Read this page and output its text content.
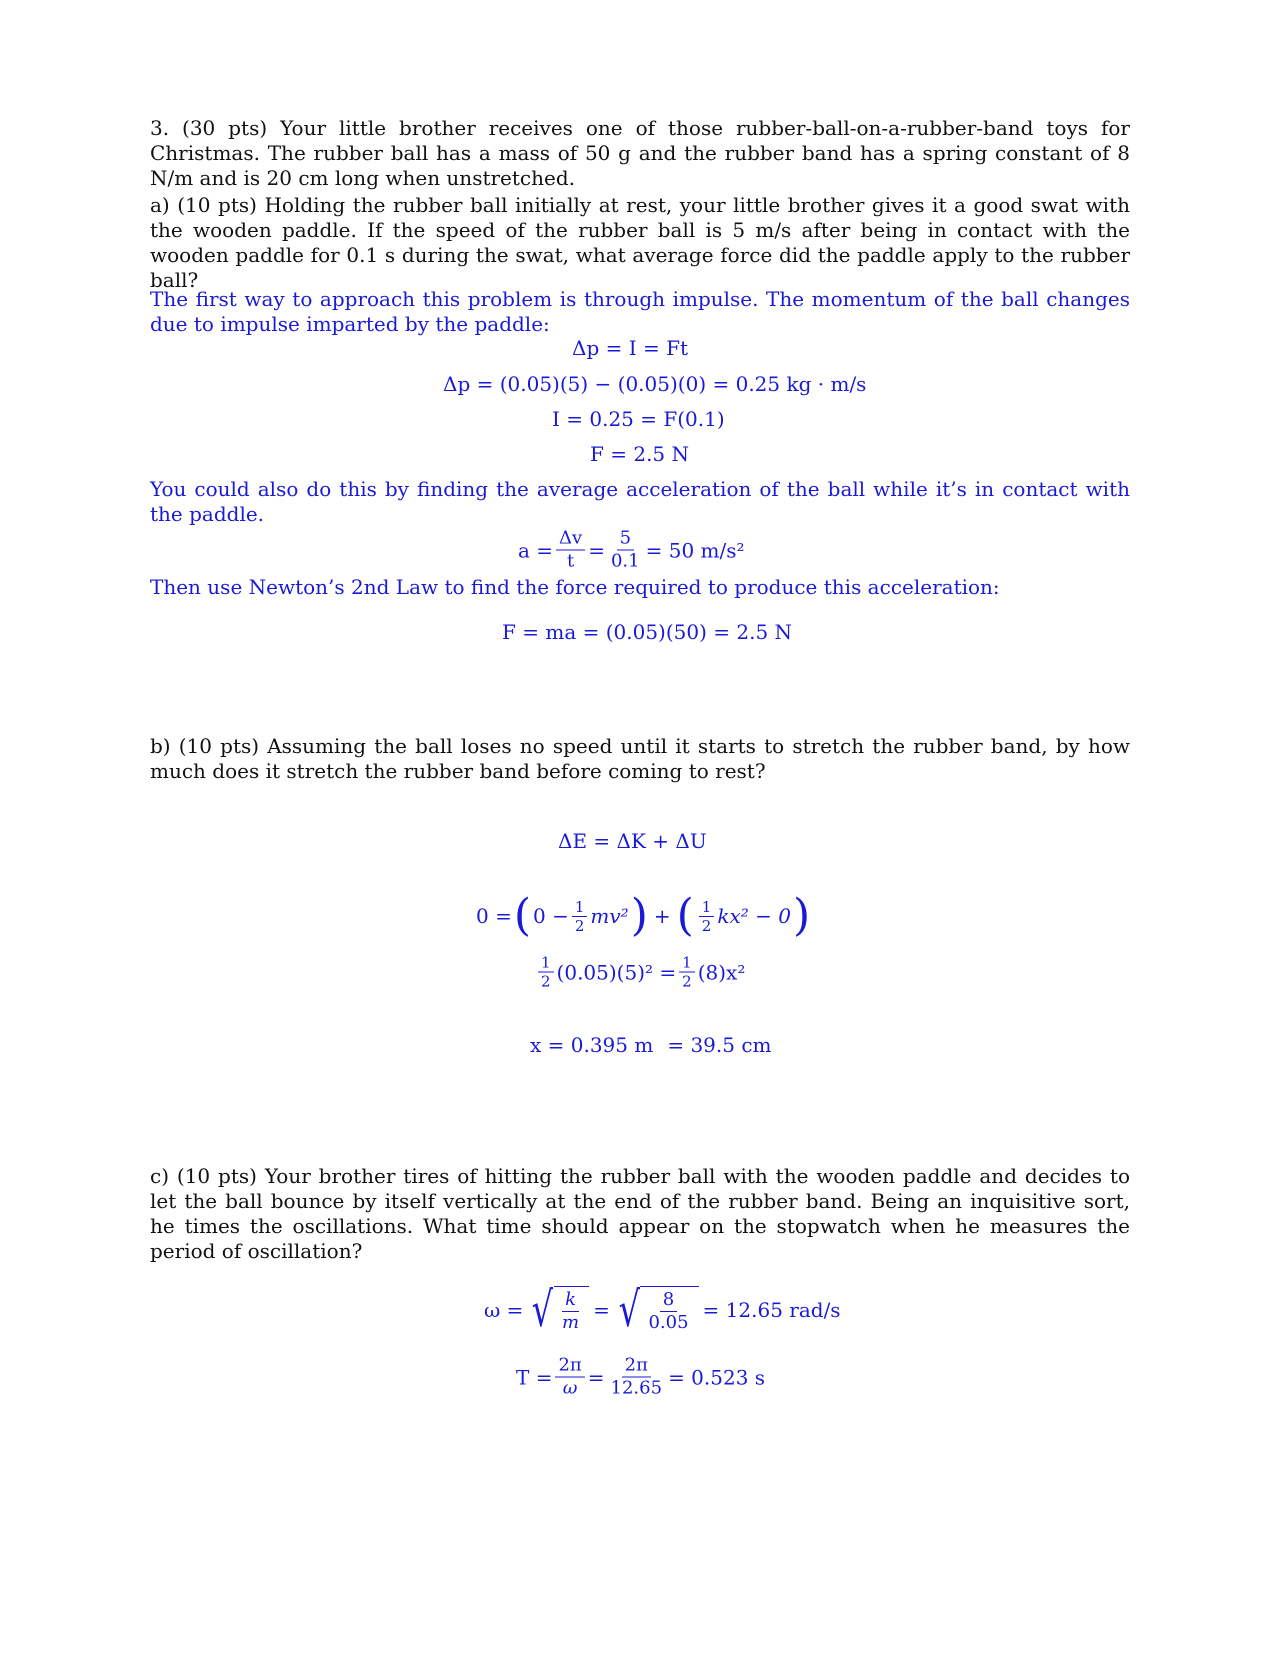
3. (30 pts) Your little brother receives one of those rubber-ball-on-a-rubber-band toys for Christmas. The rubber ball has a mass of 50 g and the rubber band has a spring constant of 8 N/m and is 20 cm long when unstretched.

a) (10 pts) Holding the rubber ball initially at rest, your little brother gives it a good swat with the wooden paddle. If the speed of the rubber ball is 5 m/s after being in contact with the wooden paddle for 0.1 s during the swat, what average force did the paddle apply to the rubber ball?

The first way to approach this problem is through impulse. The momentum of the ball changes due to impulse imparted by the paddle:

Δp = I = Ft
Δp = (0.05)(5) − (0.05)(0) = 0.25 kg · m/s
I = 0.25 = F(0.1)
F = 2.5 N

You could also do this by finding the average acceleration of the ball while it’s in contact with the paddle.

$a = \frac{\Delta v}{t} = \frac{5}{0.1} = 50$ m/s²

Then use Newton’s 2nd Law to find the force required to produce this acceleration:

F = ma = (0.05)(50) = 2.5 N

b) (10 pts) Assuming the ball loses no speed until it starts to stretch the rubber band, by how much does it stretch the rubber band before coming to rest?

ΔE = ΔK + ΔU
0 = ( $0 - \frac{1}{2} mv^2$ ) + ( $\frac{1}{2} kx^2 - 0$ )
$\frac{1}{2} (0.05)(5)^2 = \frac{1}{2} (8)x^2$
x = 0.395 m = 39.5 cm

c) (10 pts) Your brother tires of hitting the rubber ball with the wooden paddle and decides to let the ball bounce by itself vertically at the end of the rubber band. Being an inquisitive sort, he times the oscillations. What time should appear on the stopwatch when he measures the period of oscillation?

ω = √ $\frac{k}{m}$ = √ $\frac{8}{0.05} = 12.65$ rad/s
$T = \frac{2\pi}{\omega} = \frac{2\pi}{12.65} = 0.523$ s
